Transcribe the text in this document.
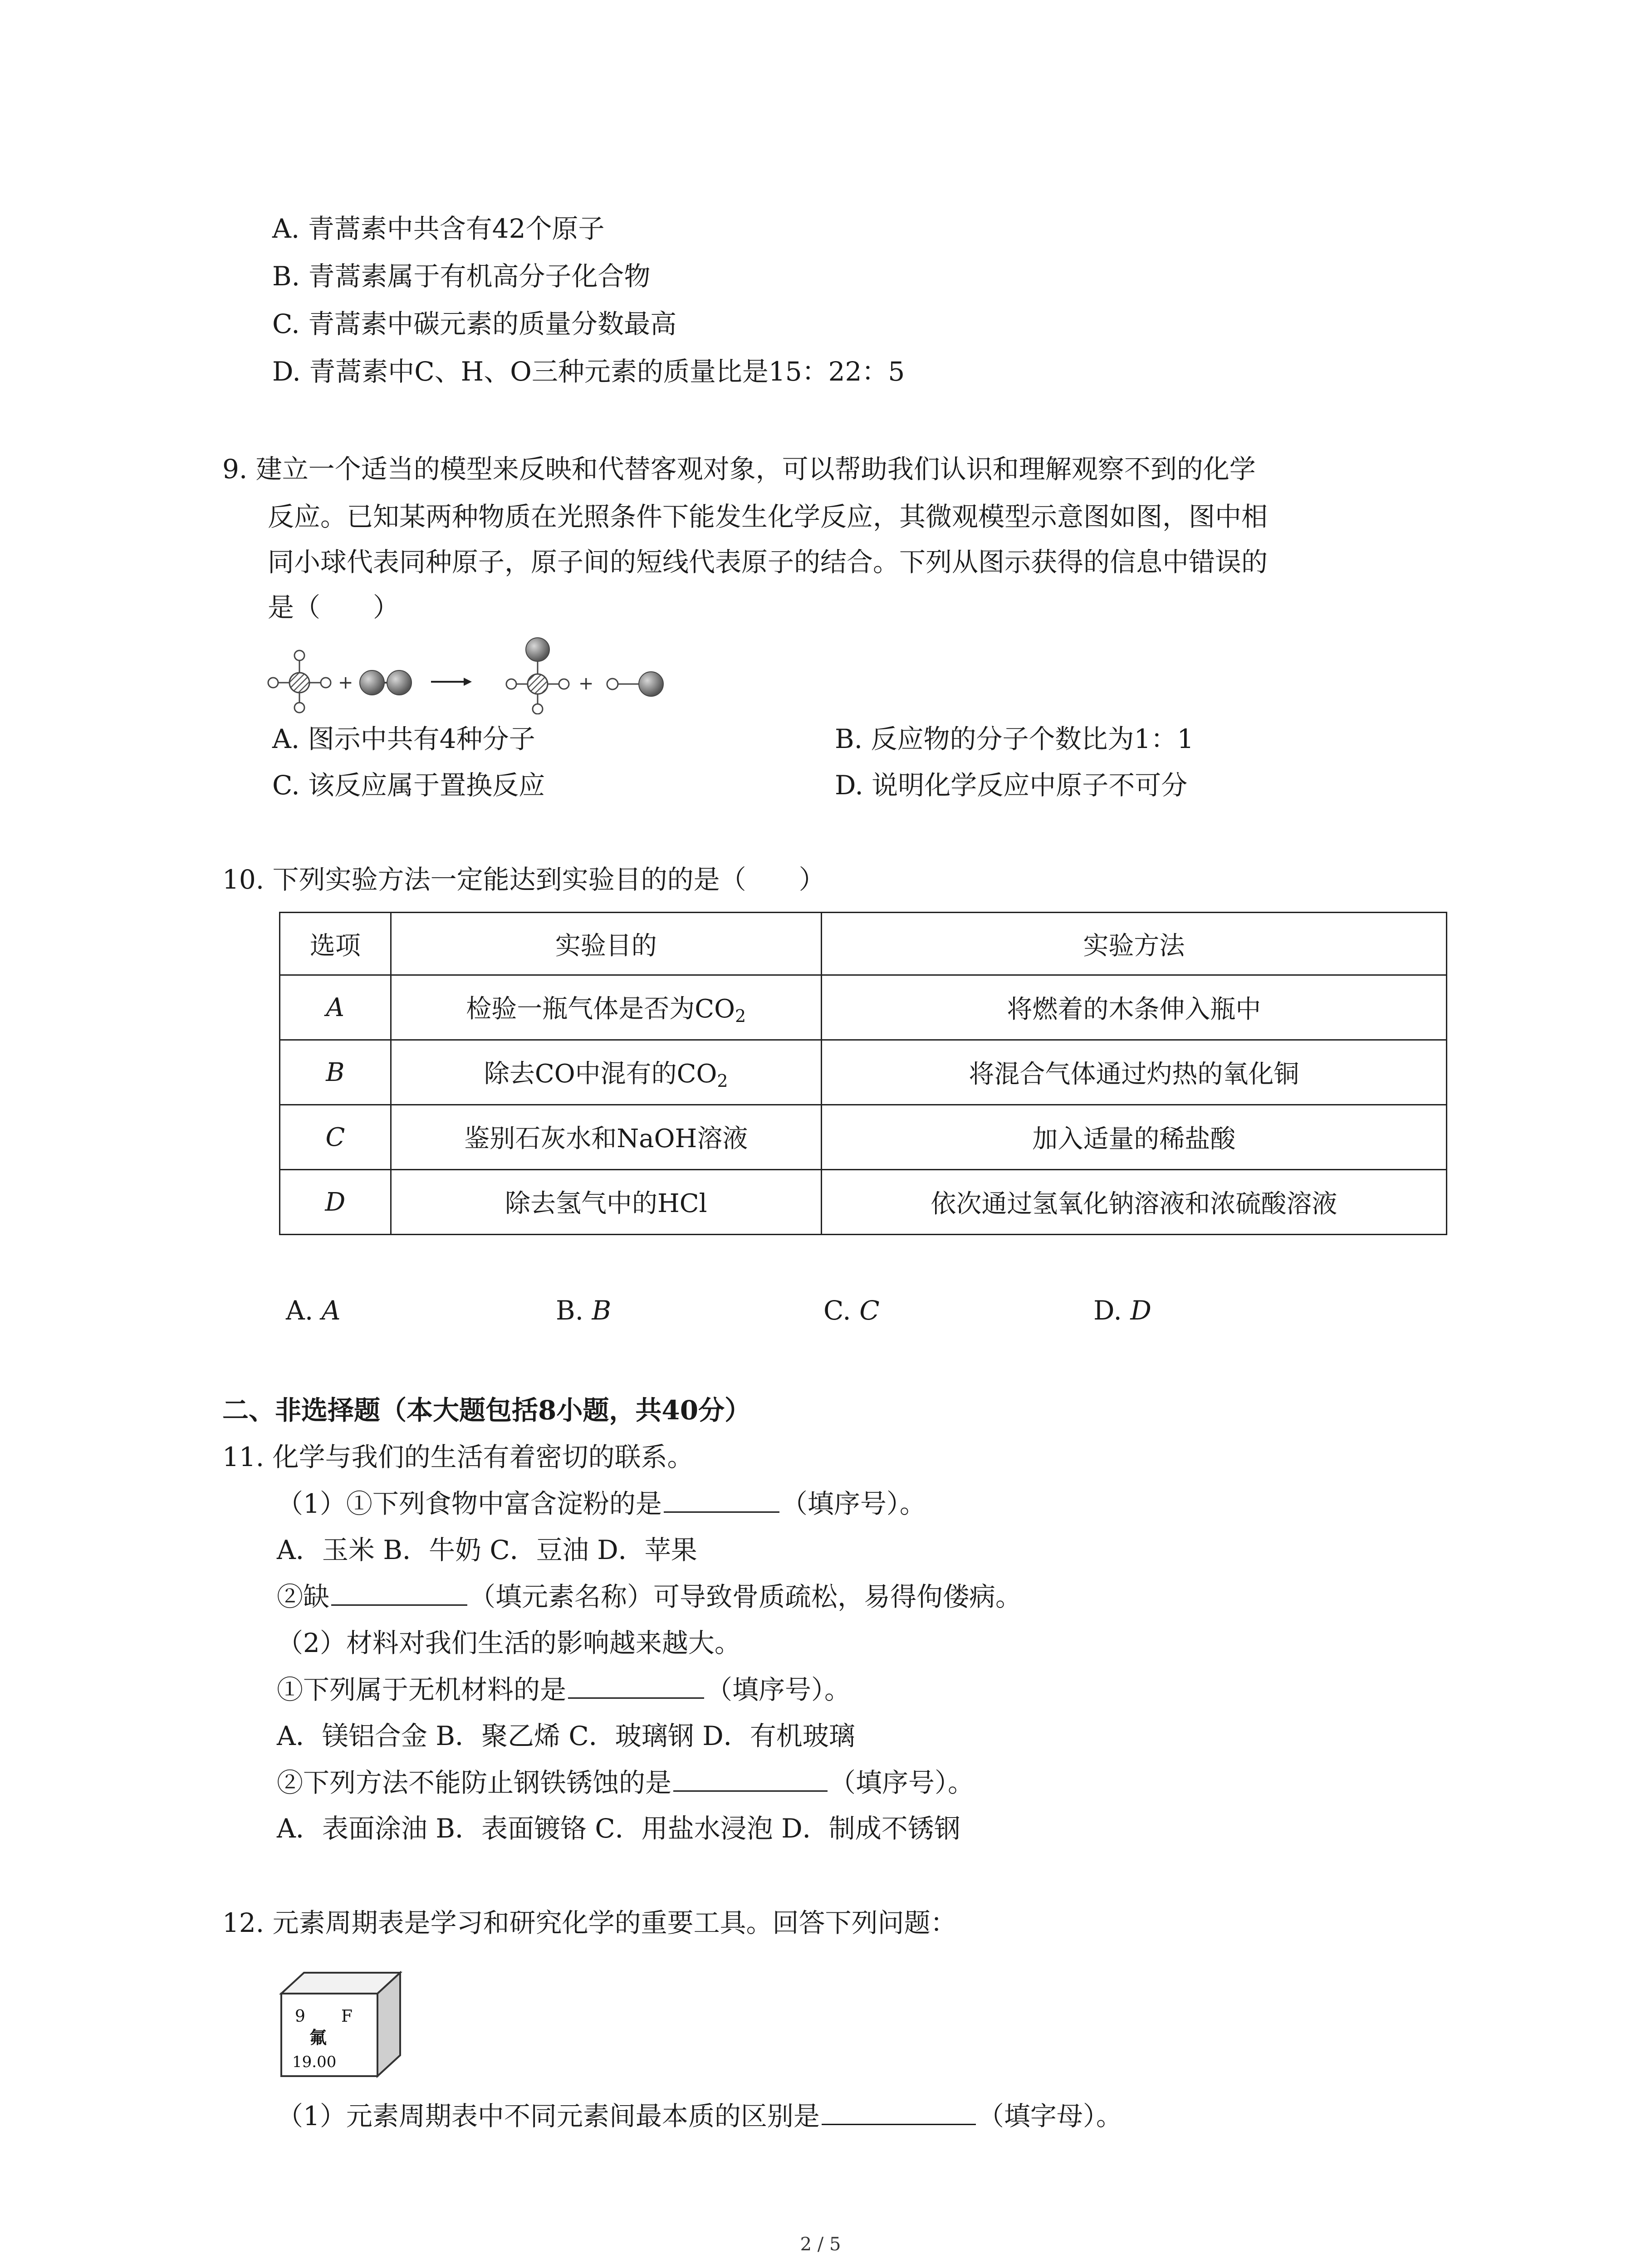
A. 青蒿素中共含有42个原子
B. 青蒿素属于有机高分子化合物
C. 青蒿素中碳元素的质量分数最高
D. 青蒿素中C、H、O三种元素的质量比是15：22：5
9. 建立一个适当的模型来反映和代替客观对象，可以帮助我们认识和理解观察不到的化学
反应。已知某两种物质在光照条件下能发生化学反应，其微观模型示意图如图，图中相
同小球代表同种原子，原子间的短线代表原子的结合。下列从图示获得的信息中错误的
是（　　）
+	+
A. 图示中共有4种分子	B. 反应物的分子个数比为1：1
C. 该反应属于置换反应	D. 说明化学反应中原子不可分
10. 下列实验方法一定能达到实验目的的是（　　）
选项	实验目的	实验方法
A	检验一瓶气体是否为$CO_2$	将燃着的木条伸入瓶中
B	除去CO中混有的$CO_2$	将混合气体通过灼热的氧化铜
C	鉴别石灰水和NaOH溶液	加入适量的稀盐酸
D	除去氢气中的HCl	依次通过氢氧化钠溶液和浓硫酸溶液
A. A	B. B	C. C	D. D
二、非选择题（本大题包括8小题，共40分）
11. 化学与我们的生活有着密切的联系。
（1）①下列食物中富含淀粉的是	（填序号）。
A．玉米 B．牛奶 C．豆油 D．苹果
②缺	（填元素名称）可导致骨质疏松，易得佝偻病。
（2）材料对我们生活的影响越来越大。
①下列属于无机材料的是	（填序号）。
A．镁铝合金 B．聚乙烯 C．玻璃钢 D．有机玻璃
②下列方法不能防止钢铁锈蚀的是	（填序号）。
A．表面涂油 B．表面镀铬 C．用盐水浸泡 D．制成不锈钢
12. 元素周期表是学习和研究化学的重要工具。回答下列问题：
9 F
氟
19.00
（1）元素周期表中不同元素间最本质的区别是	（填字母）。
2 / 5
